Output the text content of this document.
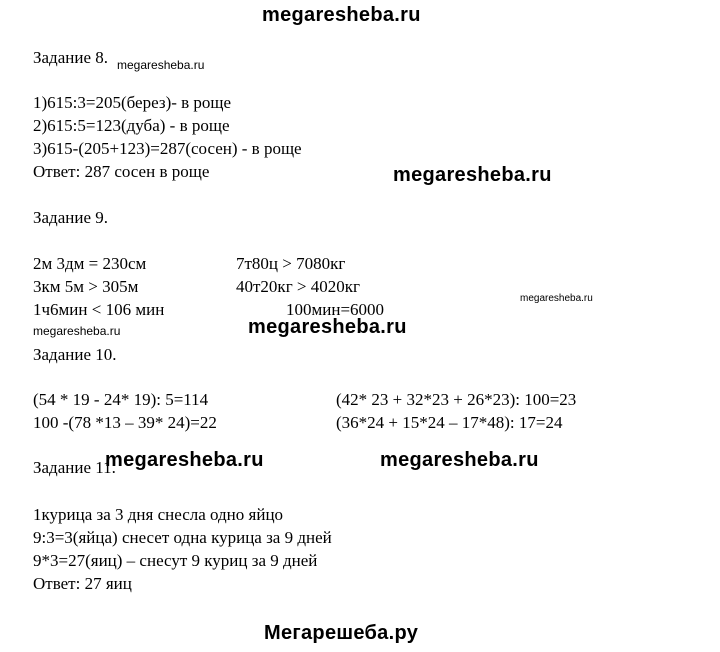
megaresheba.ru
Задание 8. megaresheba.ru
1)615:3=205(берез)- в роще
2)615:5=123(дуба) - в роще
3)615-(205+123)=287(сосен) - в роще
Ответ: 287 сосен в роще	megaresheba.ru
Задание 9.
2м 3дм = 230см	7т80ц > 7080кг
3км 5м > 305м	40т20кг > 4020кг
1ч6мин < 106 мин	100мин=6000
megaresheba.ru
megaresheba.ru	megaresheba.ru
Задание 10.
(54 * 19 - 24* 19): 5=114	(42* 23 + 32*23 + 26*23): 100=23
100 -(78 *13 – 39* 24)=22	(36*24 + 15*24 – 17*48): 17=24
Задание 11.
megaresheba.ru	megaresheba.ru
1курица за 3 дня снесла одно яйцо
9:3=3(яйца) снесет одна курица за 9 дней
9*3=27(яиц) – снесут 9 куриц за 9 дней
Ответ: 27 яиц
Мегарешеба.ру
